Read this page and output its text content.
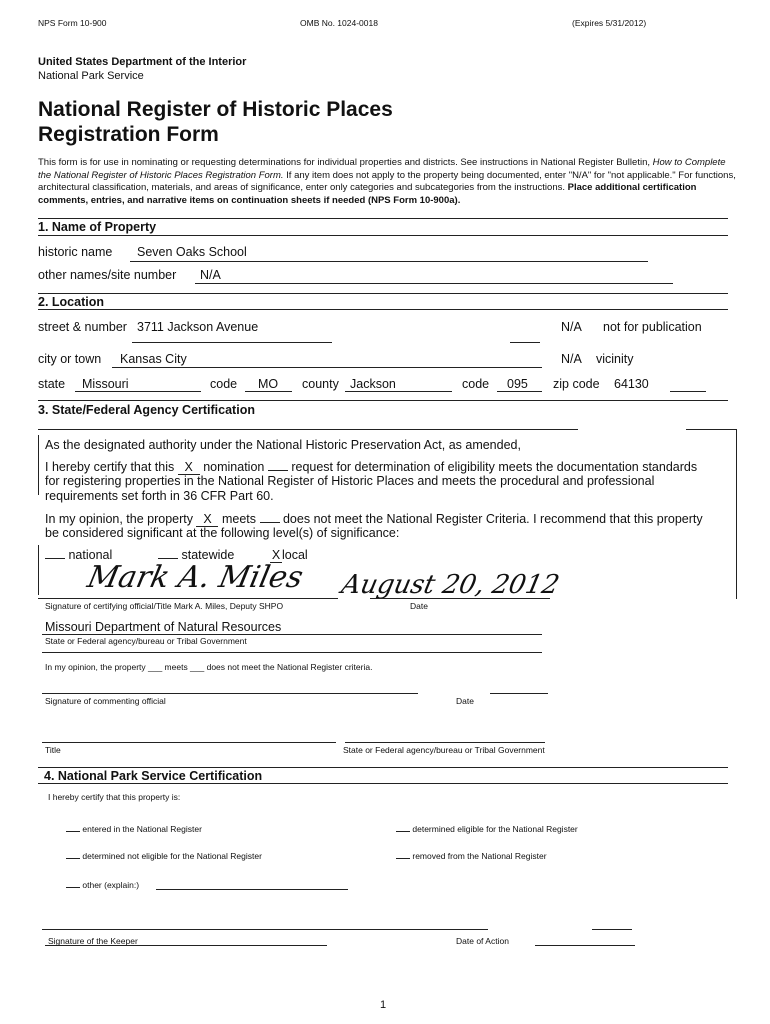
NPS Form 10-900	OMB No. 1024-0018	(Expires 5/31/2012)
United States Department of the Interior
National Park Service
National Register of Historic Places
Registration Form
This form is for use in nominating or requesting determinations for individual properties and districts. See instructions in National Register Bulletin, How to Complete the National Register of Historic Places Registration Form. If any item does not apply to the property being documented, enter "N/A" for "not applicable." For functions, architectural classification, materials, and areas of significance, enter only categories and subcategories from the instructions. Place additional certification comments, entries, and narrative items on continuation sheets if needed (NPS Form 10-900a).
1. Name of Property
historic name Seven Oaks School
other names/site number N/A
2. Location
street & number 3711 Jackson Avenue	N/A not for publication
city or town Kansas City	N/A vicinity
state Missouri	code MO county Jackson	code 095 zip code 64130
3. State/Federal Agency Certification
As the designated authority under the National Historic Preservation Act, as amended,
I hereby certify that this X nomination request for determination of eligibility meets the documentation standards
for registering properties in the National Register of Historic Places and meets the procedural and professional
requirements set forth in 36 CFR Part 60.
In my opinion, the property X meets does not meet the National Register Criteria. I recommend that this property
be considered significant at the following level(s) of significance:
national	statewide	X local
Mark A. Miles August 20, 2012
Signature of certifying official/Title Mark A. Miles, Deputy SHPO	Date
Missouri Department of Natural Resources
State or Federal agency/bureau or Tribal Government
In my opinion, the property ___ meets ___ does not meet the National Register criteria.
Signature of commenting official	Date
Title	State or Federal agency/bureau or Tribal Government
4. National Park Service Certification
I hereby certify that this property is:
entered in the National Register	determined eligible for the National Register
determined not eligible for the National Register	removed from the National Register
other (explain:)
Signature of the Keeper	Date of Action
1
